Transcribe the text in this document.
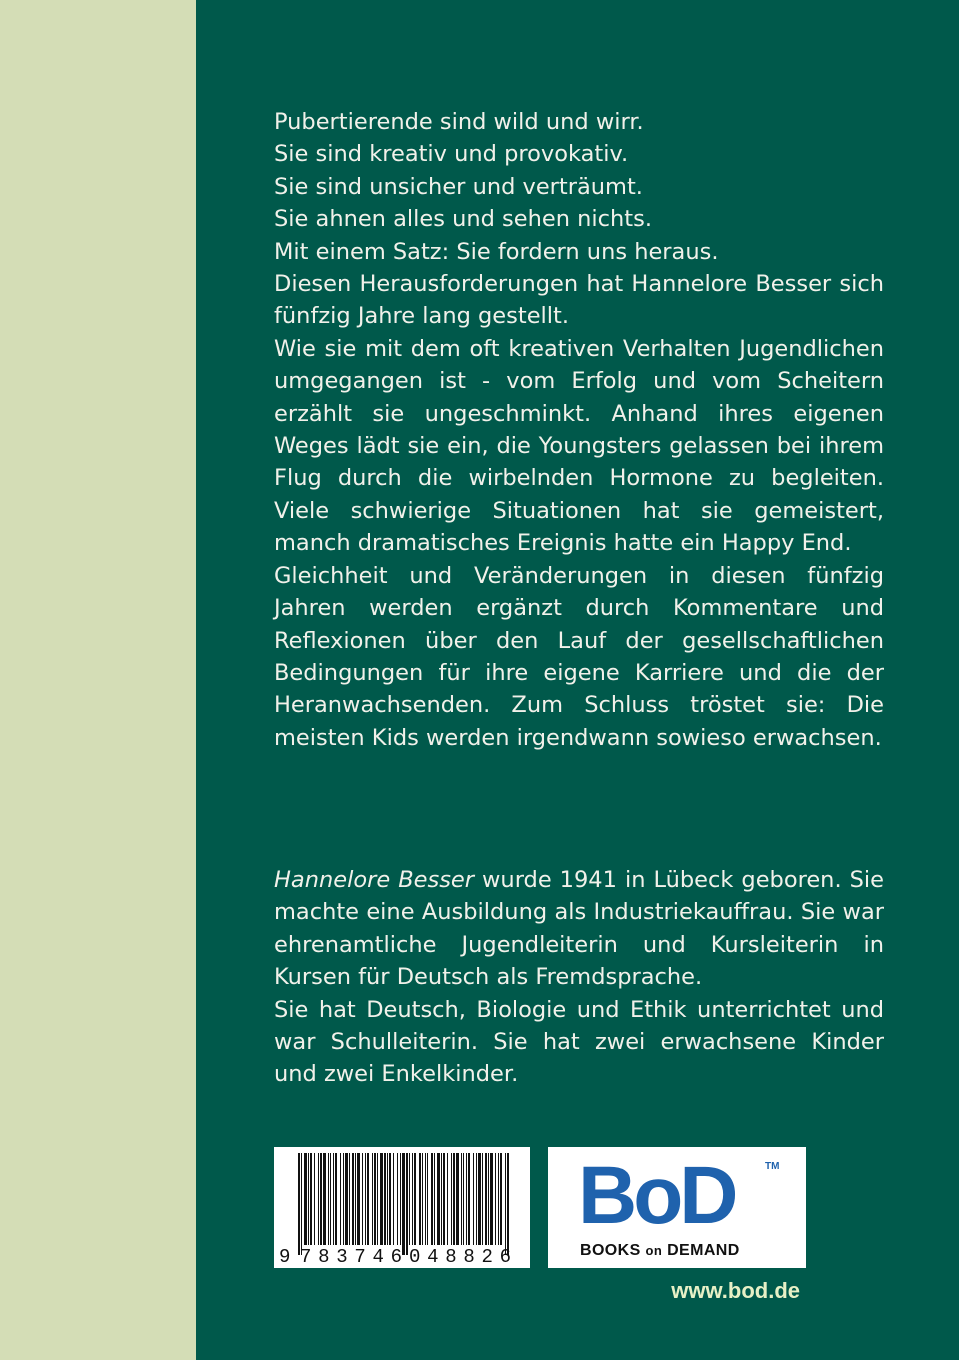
Pubertierende sind wild und wirr.

Sie sind kreativ und provokativ.

Sie sind unsicher und verträumt.

Sie ahnen alles und sehen nichts.

Mit einem Satz: Sie fordern uns heraus.

Diesen Herausforderungen hat Hannelore Besser sich fünfzig Jahre lang gestellt.

Wie sie mit dem oft kreativen Verhalten Jugendlichen umgegangen ist - vom Erfolg und vom Scheitern erzählt sie ungeschminkt. Anhand ihres eigenen Weges lädt sie ein, die Youngsters gelassen bei ihrem Flug durch die wirbelnden Hormone zu begleiten. Viele schwierige Situationen hat sie gemeistert, manch dramatisches Ereignis hatte ein Happy End.

Gleichheit und Veränderungen in diesen fünfzig Jahren werden ergänzt durch Kommentare und Reflexionen über den Lauf der gesellschaftlichen Bedingungen für ihre eigene Karriere und die der Heranwachsenden. Zum Schluss tröstet sie: Die meisten Kids werden irgendwann sowieso erwachsen.

Hannelore Besser wurde 1941 in Lübeck geboren. Sie machte eine Ausbildung als Industriekauffrau. Sie war ehrenamtliche Jugendleiterin und Kursleiterin in Kursen für Deutsch als Fremdsprache.

Sie hat Deutsch, Biologie und Ethik unterrichtet und war Schulleiterin. Sie hat zwei erwachsene Kinder und zwei Enkelkinder.

9 783746 048826
BoD	TM
BOOKS on DEMAND
www.bod.de
